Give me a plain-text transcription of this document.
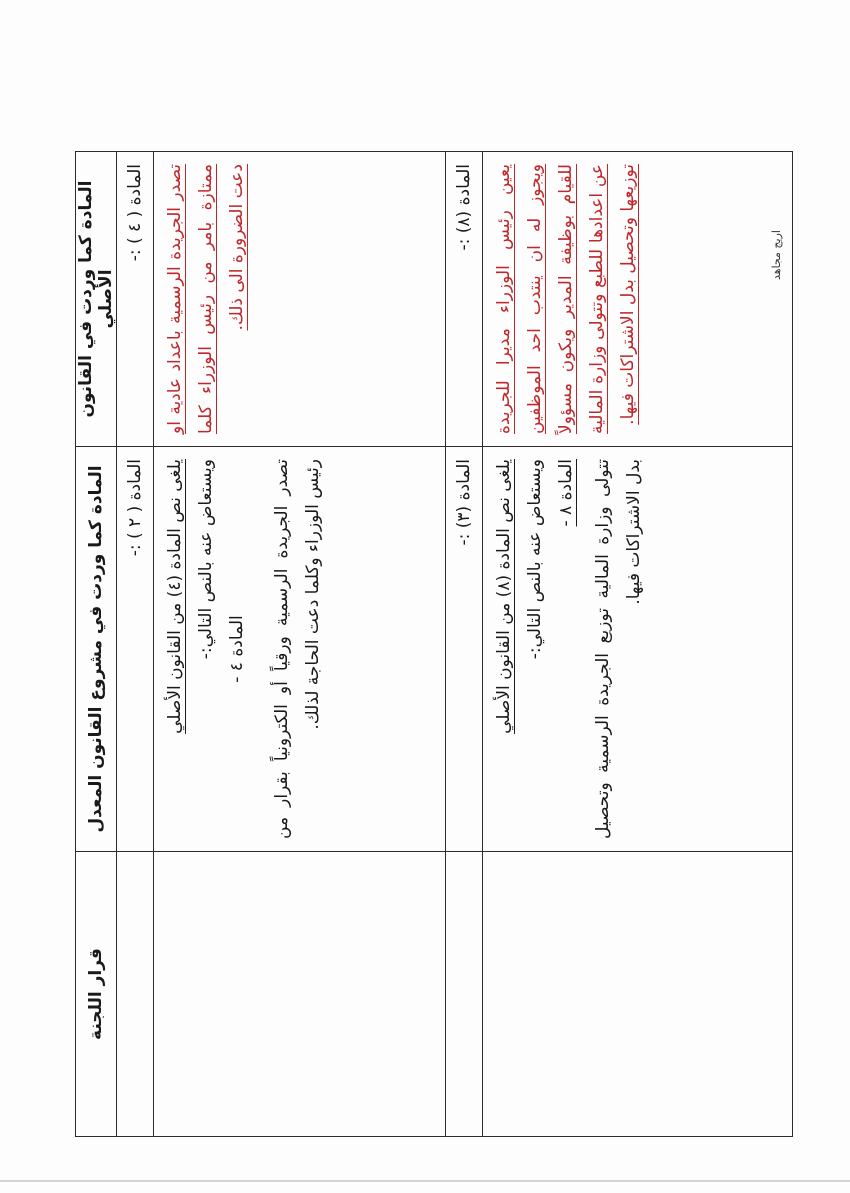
المادة كما وردت في القانون الأصلي	المادة كما وردت في مشروع القانون المعدل	قرار اللجنة
المادة ( ٤ ) :-	المادة ( ٢ ) :-	
تصدر الجريدة الرسمية باعداد عادية او ممتازة بامر من رئيس الوزراء كلما دعت الضرورة الى ذلك.	يلغى نص المادة (٤) من القانون الأصلي ويستعاض عنه بالنص التالي:-

المادة ٤ - تصدر الجريدة الرسمية ورقياً أو الكترونياً بقرار من رئيس الوزراء وكلما دعت الحاجة لذلك.	

المادة (٨) :-	المادة (٣) :-	
يعين رئيس الوزراء مديرا للجريدة ويجوز له ان ينتدب احد الموظفين للقيام بوظيفة المدير ويكون مسؤولاً عن اعدادها للطبع وتتولى وزارة المالية توزيعها وتحصيل بدل الاشتراكات فيها.	يلغى نص المادة (٨) من القانون الأصلي ويستعاض عنه بالنص التالي:- المادة ٨ - تتولى وزارة المالية توزيع الجريدة الرسمية وتحصيل بدل الاشتراكات فيها.	

اريج مجاهد
